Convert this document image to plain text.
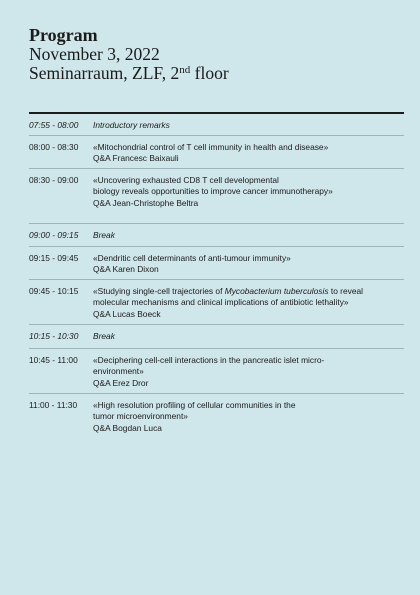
Program
November 3, 2022
Seminarraum, ZLF, 2nd floor
07:55 - 08:00	Introductory remarks
08:00 - 08:30	«Mitochondrial control of T cell immunity in health and disease»
Q&A Francesc Baixauli
08:30 - 09:00	«Uncovering exhausted CD8 T cell developmental
biology reveals opportunities to improve cancer immunotherapy»
Q&A Jean-Christophe Beltra
09:00 - 09:15	Break
09:15 - 09:45	«Dendritic cell determinants of anti-tumour immunity»
Q&A Karen Dixon
09:45 - 10:15	«Studying single-cell trajectories of Mycobacterium tuberculosis to reveal
molecular mechanisms and clinical implications of antibiotic lethality»
Q&A Lucas Boeck
10:15 - 10:30	Break
10:45 - 11:00	«Deciphering cell-cell interactions in the pancreatic islet micro-
environment»
Q&A Erez Dror
11:00 - 11:30	«High resolution profiling of cellular communities in the
tumor microenvironment»
Q&A Bogdan Luca
